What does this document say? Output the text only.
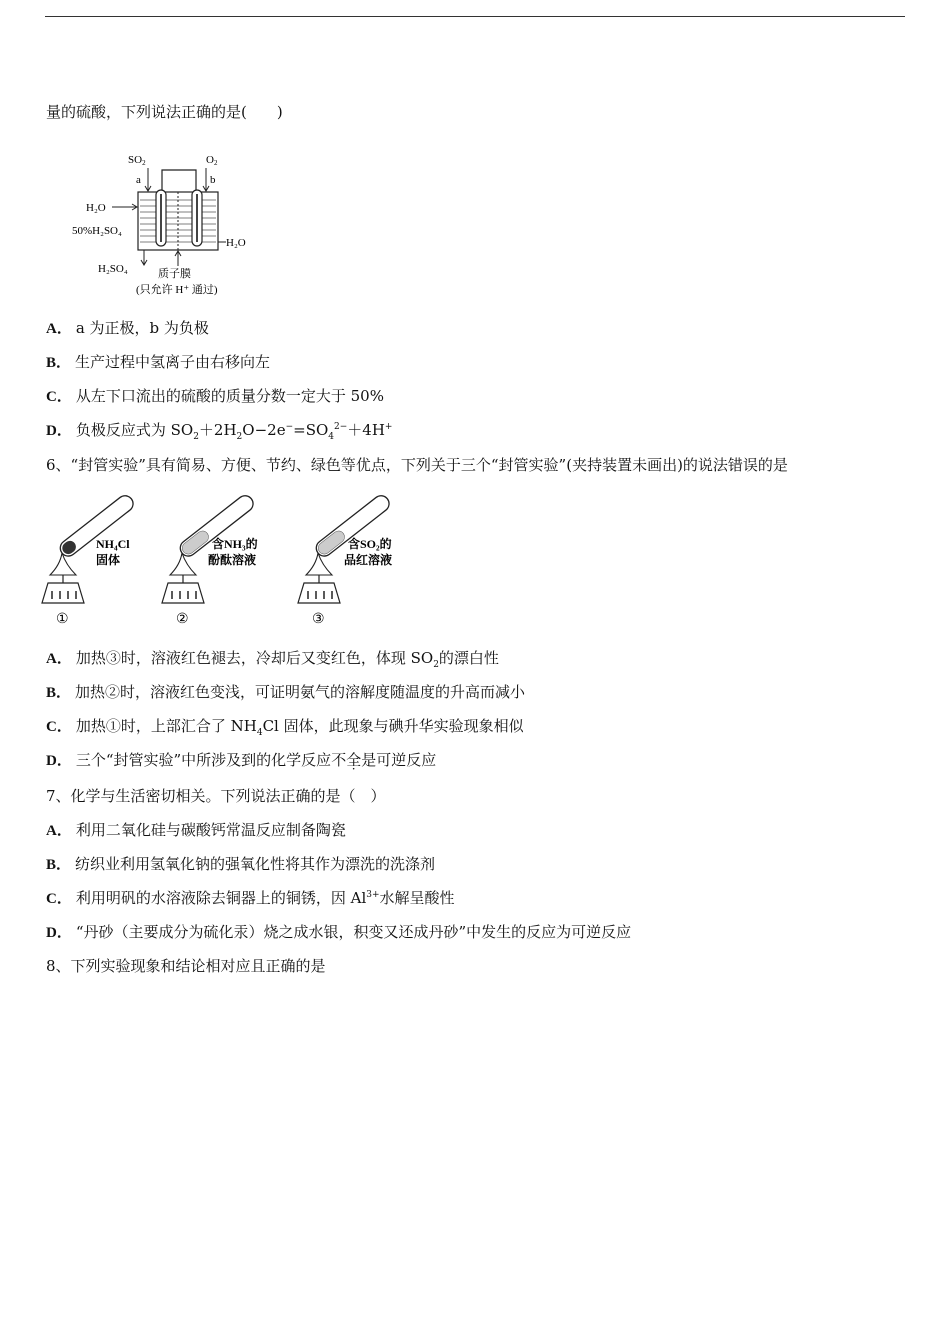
量的硫酸，下列说法正确的是(　　)
SO2	O2
a	b
H₂O
50%H₂SO₄
H₂O
H₂SO₄	质子膜
(只允许 H⁺ 通过)
A． a 为正极，b 为负极
B． 生产过程中氢离子由右移向左
C． 从左下口流出的硫酸的质量分数一定大于 50%
D． 负极反应式为 $SO_2+2H_2O-2e^-=SO_4^{2-}+4H^+$
6、“封管实验”具有简易、方便、节约、绿色等优点，下列关于三个“封管实验”(夹持装置未画出)的说法错误的是
NH₄Cl
固体
含NH₃的
酚酞溶液
含SO₂的
品红溶液
①	②	③
A． 加热③时，溶液红色褪去，冷却后又变红色，体现 $SO_2$的漂白性
B． 加热②时，溶液红色变浅，可证明氨气的溶解度随温度的升高而减小
C． 加热①时，上部汇合了 $NH_4Cl$ 固体，此现象与碘升华实验现象相似
D． 三个“封管实验”中所涉及到的化学反应不全是可逆反应
7、化学与生活密切相关。下列说法正确的是（　）
A． 利用二氧化硅与碳酸钙常温反应制备陶瓷
B． 纺织业利用氢氧化钠的强氧化性将其作为漂洗的洗涤剂
C． 利用明矾的水溶液除去铜器上的铜锈，因 $Al^{3+}$水解呈酸性
D． “丹砂（主要成分为硫化汞）烧之成水银，积变又还成丹砂”中发生的反应为可逆反应
8、下列实验现象和结论相对应且正确的是
